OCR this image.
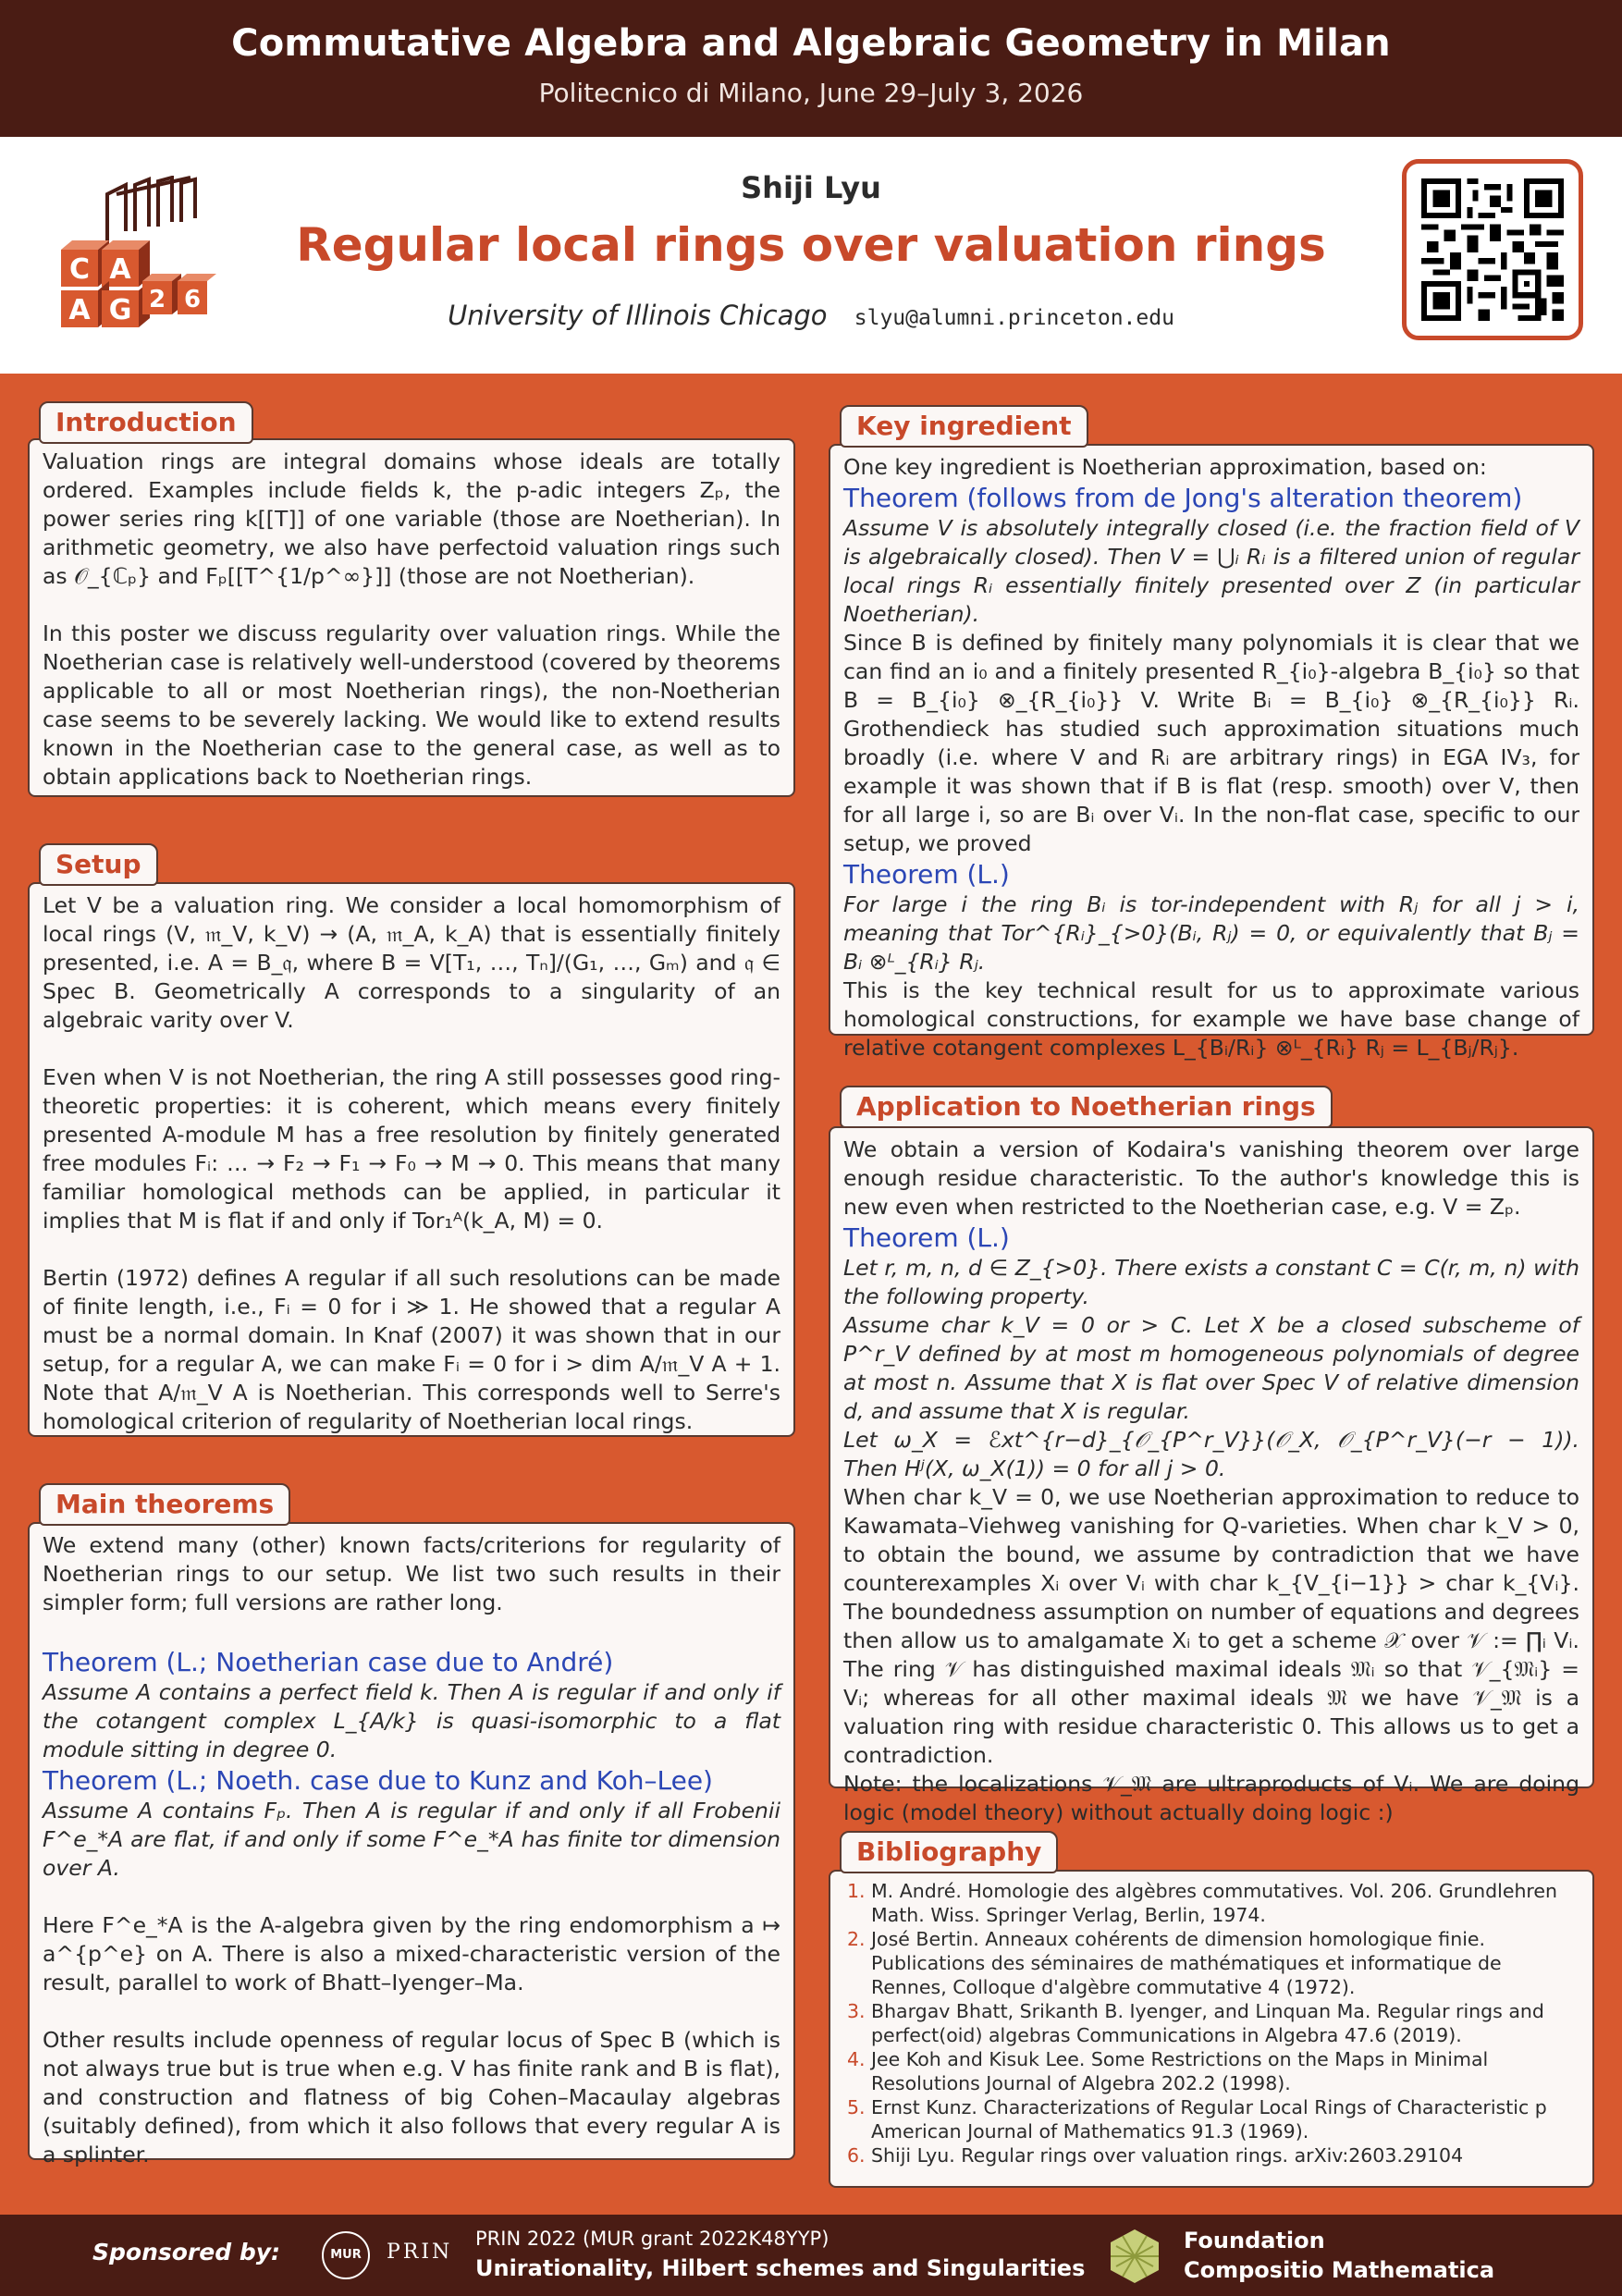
Commutative Algebra and Algebraic Geometry in Milan
Politecnico di Milano, June 29–July 3, 2026
C A
A G 2 6
Shiji Lyu
Regular local rings over valuation rings
University of Illinois Chicago slyu@alumni.princeton.edu

Valuation rings are integral domains whose ideals are totally ordered. Examples include fields k, the p-adic integers Zₚ, the power series ring k[[T]] of one variable (those are Noetherian). In arithmetic geometry, we also have perfectoid valuation rings such as 𝒪_{ℂₚ} and Fₚ[[T^{1/p^∞}]] (those are not Noetherian).

In this poster we discuss regularity over valuation rings. While the Noetherian case is relatively well-understood (covered by theorems applicable to all or most Noetherian rings), the non-Noetherian case seems to be severely lacking. We would like to extend results known in the Noetherian case to the general case, as well as to obtain applications back to Noetherian rings.

Introduction

Let V be a valuation ring. We consider a local homomorphism of local rings (V, 𝔪_V, k_V) → (A, 𝔪_A, k_A) that is essentially finitely presented, i.e. A = B_𝔮, where B = V[T₁, …, Tₙ]/(G₁, …, Gₘ) and 𝔮 ∈ Spec B. Geometrically A corresponds to a singularity of an algebraic varity over V.

Even when V is not Noetherian, the ring A still possesses good ring-theoretic properties: it is coherent, which means every finitely presented A-module M has a free resolution by finitely generated free modules Fᵢ: … → F₂ → F₁ → F₀ → M → 0. This means that many familiar homological methods can be applied, in particular it implies that M is flat if and only if Tor₁ᴬ(k_A, M) = 0.

Bertin (1972) defines A regular if all such resolutions can be made of finite length, i.e., Fᵢ = 0 for i ≫ 1. He showed that a regular A must be a normal domain. In Knaf (2007) it was shown that in our setup, for a regular A, we can make Fᵢ = 0 for i > dim A/𝔪_V A + 1. Note that A/𝔪_V A is Noetherian. This corresponds well to Serre's homological criterion of regularity of Noetherian local rings.

Setup

We extend many (other) known facts/criterions for regularity of Noetherian rings to our setup. We list two such results in their simpler form; full versions are rather long.

Theorem (L.; Noetherian case due to André)

Assume A contains a perfect field k. Then A is regular if and only if the cotangent complex L_{A/k} is quasi-isomorphic to a flat module sitting in degree 0.

Theorem (L.; Noeth. case due to Kunz and Koh–Lee)

Assume A contains Fₚ. Then A is regular if and only if all Frobenii F^e_*A are flat, if and only if some F^e_*A has finite tor dimension over A.

Here F^e_*A is the A-algebra given by the ring endomorphism a ↦ a^{p^e} on A. There is also a mixed-characteristic version of the result, parallel to work of Bhatt–Iyenger–Ma.

Other results include openness of regular locus of Spec B (which is not always true but is true when e.g. V has finite rank and B is flat), and construction and flatness of big Cohen–Macaulay algebras (suitably defined), from which it also follows that every regular A is a splinter.

Main theorems

One key ingredient is Noetherian approximation, based on:

Theorem (follows from de Jong's alteration theorem)

Assume V is absolutely integrally closed (i.e. the fraction field of V is algebraically closed). Then V = ⋃ᵢ Rᵢ is a filtered union of regular local rings Rᵢ essentially finitely presented over Z (in particular Noetherian).

Since B is defined by finitely many polynomials it is clear that we can find an i₀ and a finitely presented R_{i₀}-algebra B_{i₀} so that B = B_{i₀} ⊗_{R_{i₀}} V. Write Bᵢ = B_{i₀} ⊗_{R_{i₀}} Rᵢ. Grothendieck has studied such approximation situations much broadly (i.e. where V and Rᵢ are arbitrary rings) in EGA IV₃, for example it was shown that if B is flat (resp. smooth) over V, then for all large i, so are Bᵢ over Vᵢ. In the non-flat case, specific to our setup, we proved

Theorem (L.)

For large i the ring Bᵢ is tor-independent with Rⱼ for all j > i, meaning that Tor^{Rᵢ}_{>0}(Bᵢ, Rⱼ) = 0, or equivalently that Bⱼ = Bᵢ ⊗ᴸ_{Rᵢ} Rⱼ.

This is the key technical result for us to approximate various homological constructions, for example we have base change of relative cotangent complexes L_{Bᵢ/Rᵢ} ⊗ᴸ_{Rᵢ} Rⱼ = L_{Bⱼ/Rⱼ}.

Key ingredient

We obtain a version of Kodaira's vanishing theorem over large enough residue characteristic. To the author's knowledge this is new even when restricted to the Noetherian case, e.g. V = Zₚ.

Theorem (L.)

Let r, m, n, d ∈ Z_{>0}. There exists a constant C = C(r, m, n) with the following property.

Assume char k_V = 0 or > C. Let X be a closed subscheme of P^r_V defined by at most m homogeneous polynomials of degree at most n. Assume that X is flat over Spec V of relative dimension d, and assume that X is regular.

Let ω_X = ℰxt^{r−d}_{𝒪_{P^r_V}}(𝒪_X, 𝒪_{P^r_V}(−r − 1)). Then Hʲ(X, ω_X(1)) = 0 for all j > 0.

When char k_V = 0, we use Noetherian approximation to reduce to Kawamata–Viehweg vanishing for Q-varieties. When char k_V > 0, to obtain the bound, we assume by contradiction that we have counterexamples Xᵢ over Vᵢ with char k_{V_{i−1}} > char k_{Vᵢ}. The boundedness assumption on number of equations and degrees then allow us to amalgamate Xᵢ to get a scheme 𝒳 over 𝒱 := ∏ᵢ Vᵢ. The ring 𝒱 has distinguished maximal ideals 𝔐ᵢ so that 𝒱_{𝔐ᵢ} = Vᵢ; whereas for all other maximal ideals 𝔐 we have 𝒱_𝔐 is a valuation ring with residue characteristic 0. This allows us to get a contradiction.

Note: the localizations 𝒱_𝔐 are ultraproducts of Vᵢ. We are doing logic (model theory) without actually doing logic :)

Application to Noetherian rings
1. M. André. Homologie des algèbres commutatives. Vol. 206. Grundlehren Math. Wiss. Springer Verlag, Berlin, 1974.
2. José Bertin. Anneaux cohérents de dimension homologique finie. Publications des séminaires de mathématiques et informatique de Rennes, Colloque d'algèbre commutative 4 (1972).
3. Bhargav Bhatt, Srikanth B. Iyenger, and Linquan Ma. Regular rings and perfect(oid) algebras Communications in Algebra 47.6 (2019).
4. Jee Koh and Kisuk Lee. Some Restrictions on the Maps in Minimal Resolutions Journal of Algebra 202.2 (1998).
5. Ernst Kunz. Characterizations of Regular Local Rings of Characteristic p American Journal of Mathematics 91.3 (1969).
6. Shiji Lyu. Regular rings over valuation rings. arXiv:2603.29104
Bibliography
Sponsored by:	MUR	PRIN
PRIN 2022 (MUR grant 2022K48YYP)
Unirationality, Hilbert schemes and Singularities
Foundation
Compositio Mathematica
